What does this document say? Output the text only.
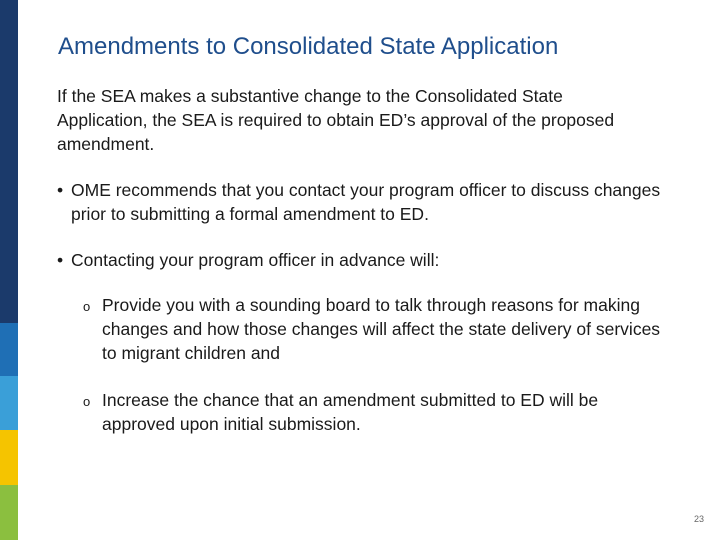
Amendments to Consolidated State Application

If the SEA makes a substantive change to the Consolidated State Application, the SEA is required to obtain ED’s approval of the proposed amendment.

• OME recommends that you contact your program officer to discuss changes prior to submitting a formal amendment to ED.
• Contacting your program officer in advance will:
o Provide you with a sounding board to talk through reasons for making changes and how those changes will affect the state delivery of services to migrant children and
o Increase the chance that an amendment submitted to ED will be approved upon initial submission.
23
